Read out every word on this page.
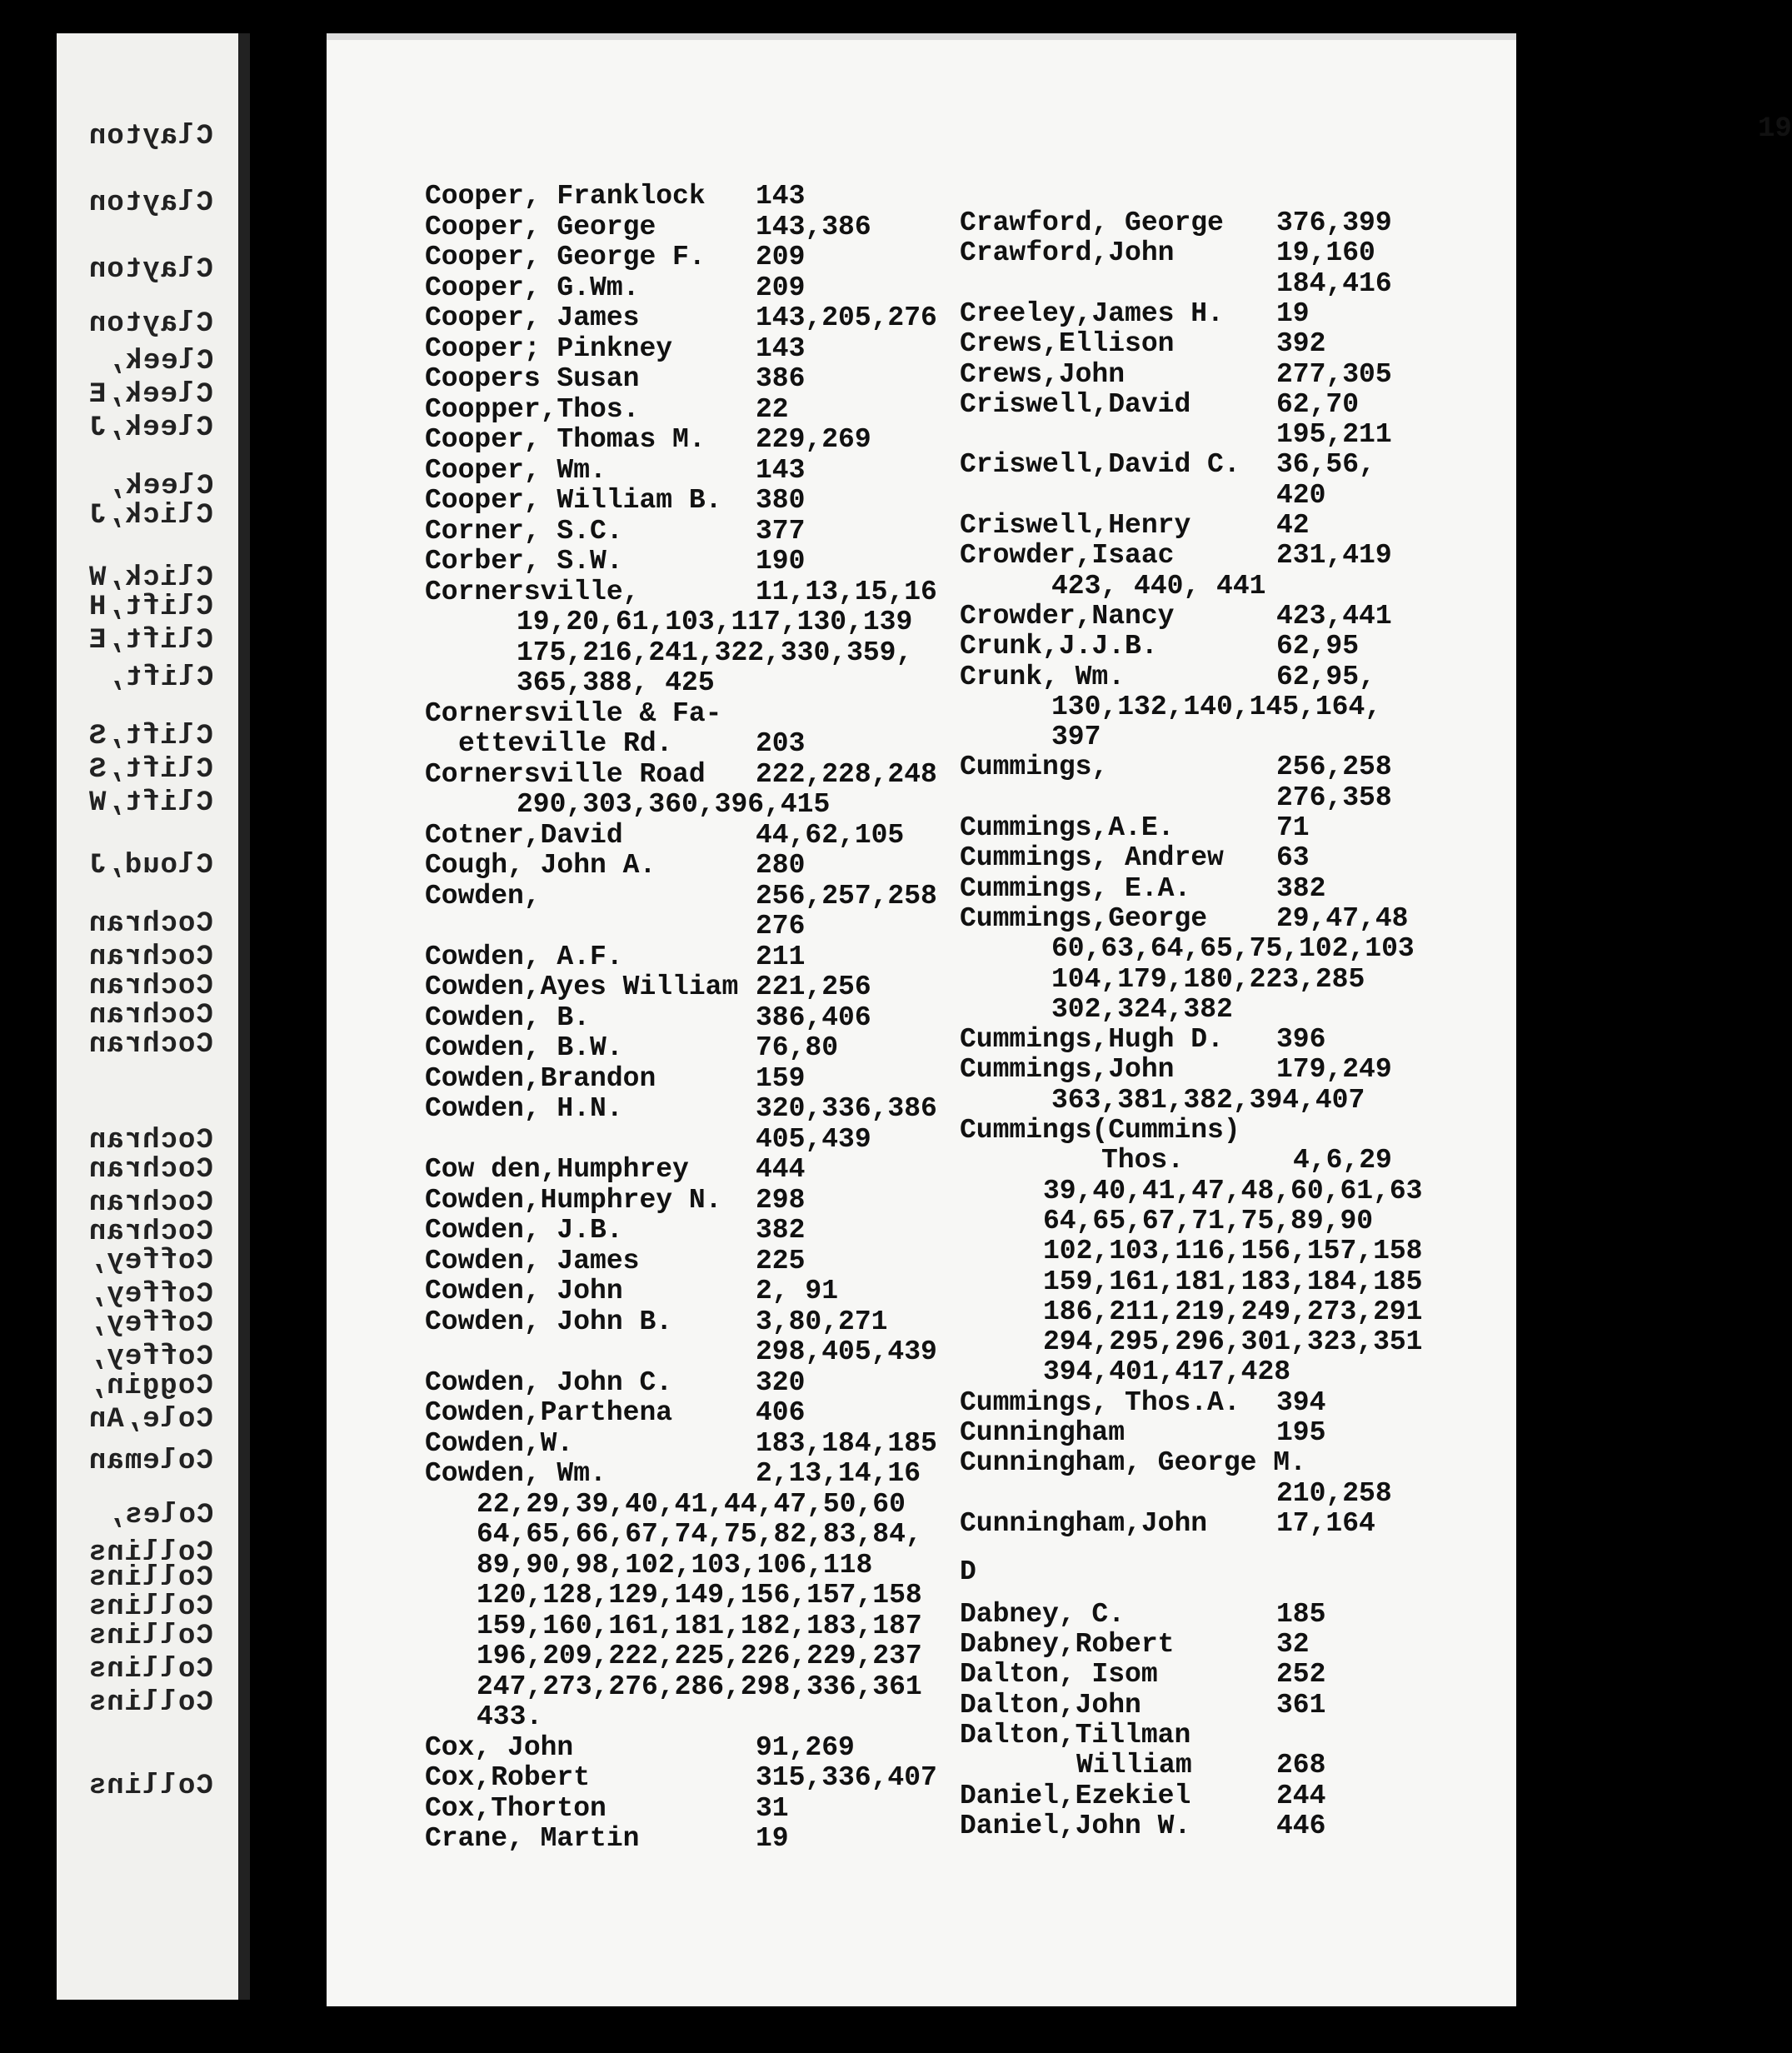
Clayton
Clayton
Clayton
Clayton
Cleek,
Cleek,E
Cleek,J
Cleek,
Click,J
Click,W
Clift,H
Clift,E
Clift,
Clift,S
Clift,S
Clift,W
Cloud,J
Cochran
Cochran
Cochran
Cochran
Cochran
Cochran
Cochran
Cochran
Cochran
Coffey,
Coffey,
Coffey,
Coffey,
Coggin,
Cole,An
Coleman
Coles,
Collins
Collins
Collins
Collins
Collins
Collins
Collins
19
Cooper, Franklock 143
Cooper, George	143,386
Cooper, George F. 209
Cooper, G.Wm.	209
Cooper, James	143,205,276
Cooper; Pinkney	143
Coopers Susan	386
Coopper,Thos.	22
Cooper, Thomas M. 229,269
Cooper, Wm.	143
Cooper, William B. 380
Corner, S.C.	377
Corber, S.W.	190
Cornersville,	11,13,15,16
19,20,61,103,117,130,139
175,216,241,322,330,359,
365,388, 425
Cornersville & Fa-
etteville Rd.	203
Cornersville Road 222,228,248
290,303,360,396,415
Cotner,David	44,62,105
Cough, John A.	280
Cowden,	256,257,258
276
Cowden, A.F.	211
Cowden,Ayes William 221,256
Cowden, B.	386,406
Cowden, B.W.	76,80
Cowden,Brandon	159
Cowden, H.N.	320,336,386
405,439
Cow den,Humphrey 444
Cowden,Humphrey N. 298
Cowden, J.B.	382
Cowden, James	225
Cowden, John	2, 91
Cowden, John B.	3,80,271
298,405,439
Cowden, John C.	320
Cowden,Parthena	406
Cowden,W.	183,184,185
Cowden, Wm.	2,13,14,16
22,29,39,40,41,44,47,50,60
64,65,66,67,74,75,82,83,84,
89,90,98,102,103,106,118
120,128,129,149,156,157,158
159,160,161,181,182,183,187
196,209,222,225,226,229,237
247,273,276,286,298,336,361
433.
Cox, John	91,269
Cox,Robert	315,336,407
Cox,Thorton	31
Crane, Martin	19
Crawford, George 376,399
Crawford,John	19,160
184,416
Creeley,James H. 19
Crews,Ellison	392
Crews,John	277,305
Criswell,David	62,70
195,211
Criswell,David C. 36,56,
420
Criswell,Henry	42
Crowder,Isaac	231,419
423, 440, 441
Crowder,Nancy	423,441
Crunk,J.J.B.	62,95
Crunk, Wm.	62,95,
130,132,140,145,164,
397
Cummings,	256,258
276,358
Cummings,A.E.	71
Cummings, Andrew 63
Cummings, E.A.	382
Cummings,George	29,47,48
60,63,64,65,75,102,103
104,179,180,223,285
302,324,382
Cummings,Hugh D. 396
Cummings,John	179,249
363,381,382,394,407
Cummings(Cummins)
Thos.	4,6,29
39,40,41,47,48,60,61,63
64,65,67,71,75,89,90
102,103,116,156,157,158
159,161,181,183,184,185
186,211,219,249,273,291
294,295,296,301,323,351
394,401,417,428
Cummings, Thos.A. 394
Cunningham	195
Cunningham, George M.
210,258
Cunningham,John	17,164
D
Dabney, C.	185
Dabney,Robert	32
Dalton, Isom	252
Dalton,John	361
Dalton,Tillman
William	268
Daniel,Ezekiel	244
Daniel,John W.	446
